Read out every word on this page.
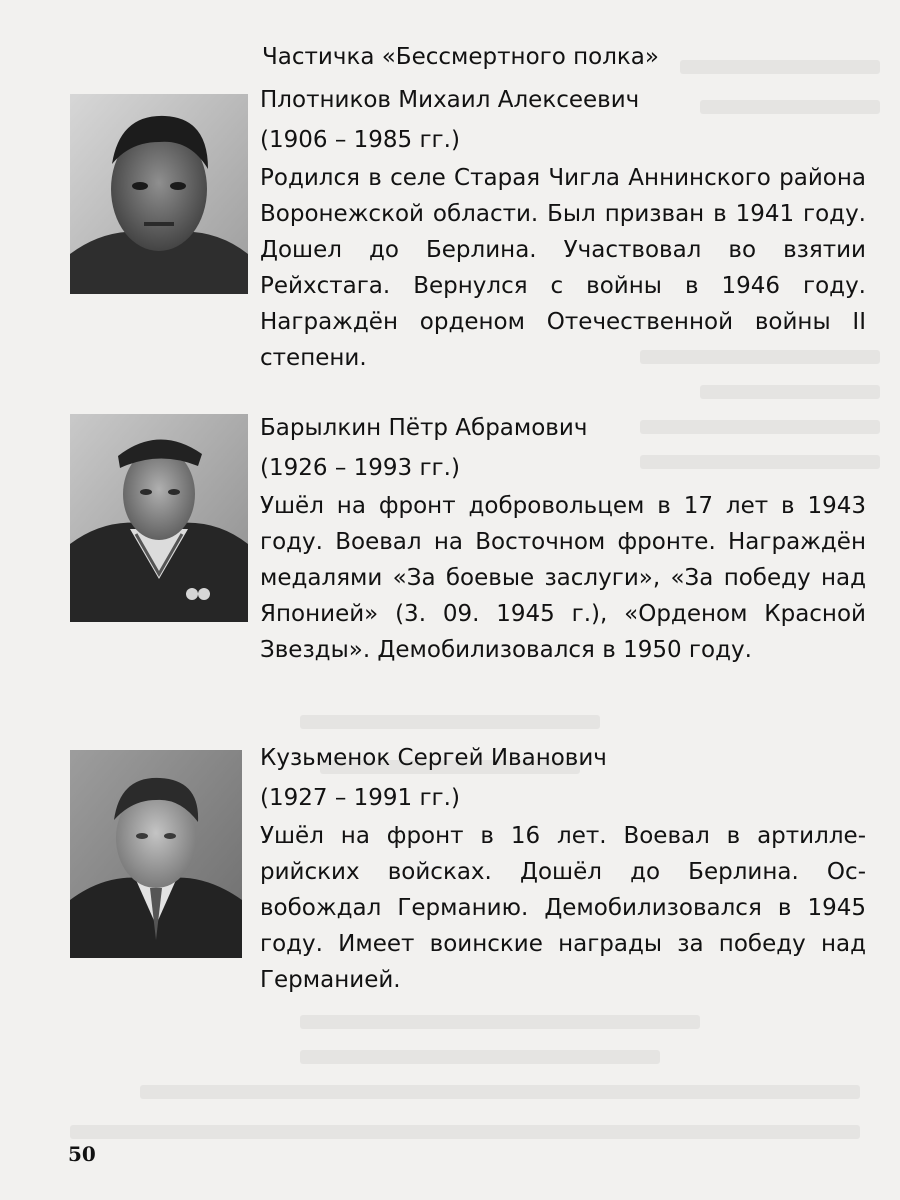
Частичка «Бессмертного полка»
Плотников Михаил Алексеевич

(1906 – 1985 гг.)

Родился в селе Старая Чигла Аннинского района Воронежской области. Был призван в 1941 году. Дошел до Берлина. Участвовал во взятии Рейхстага. Вернулся с войны в 1946 году. Награждён орденом Отечественной войны II степени.

Барылкин Пётр Абрамович

(1926 – 1993 гг.)

Ушёл на фронт добровольцем в 17 лет в 1943 году. Воевал на Восточном фронте. Награждён медалями «За боевые заслуги», «За победу над Японией» (3. 09. 1945 г.), «Орденом Красной Звезды». Демобилизовался в 1950 году.

Кузьменок Сергей Иванович

(1927 – 1991 гг.)

Ушёл на фронт в 16 лет. Воевал в артиллерийских войсках. Дошёл до Берлина. Освобождал Германию. Демобилизовался в 1945 году. Имеет воинские награды за победу над Германией.

50
